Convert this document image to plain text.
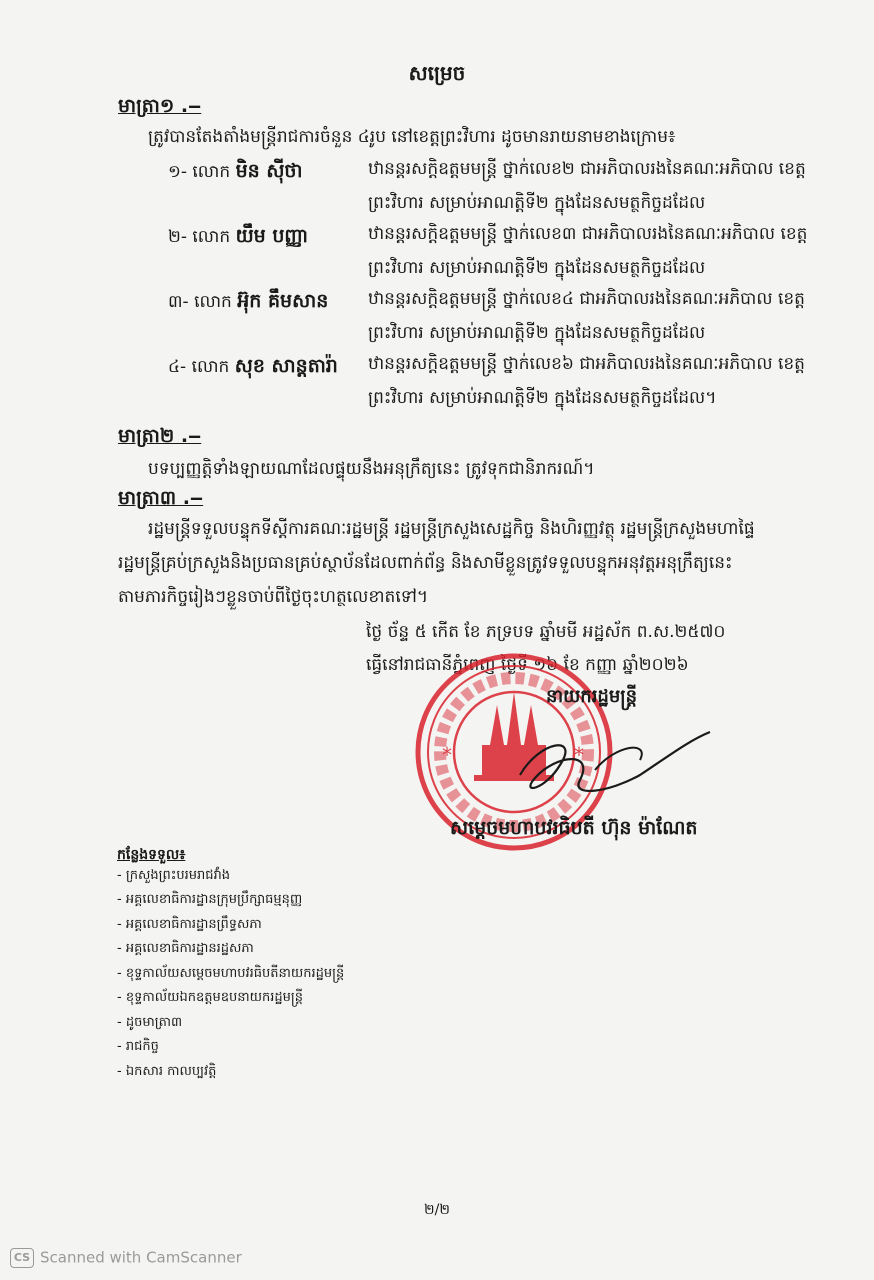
សម្រេច
មាត្រា១ .‒
ត្រូវបានតែងតាំងមន្ត្រីរាជការចំនួន ៤រូប នៅខេត្តព្រះវិហារ ដូចមានរាយនាមខាងក្រោម៖
១- លោក មិន ស៊ីថា	ឋានន្តរសក្តិឧត្តមមន្ត្រី ថ្នាក់លេខ២ ជាអភិបាលរងនៃគណៈអភិបាល ខេត្តព្រះវិហារ សម្រាប់អាណត្តិទី២ ក្នុងដែនសមត្ថកិច្ចដដែល
២- លោក យឹម បញ្ញា	ឋានន្តរសក្តិឧត្តមមន្ត្រី ថ្នាក់លេខ៣ ជាអភិបាលរងនៃគណៈអភិបាល ខេត្តព្រះវិហារ សម្រាប់អាណត្តិទី២ ក្នុងដែនសមត្ថកិច្ចដដែល
៣- លោក អ៊ុក គឹមសាន ឋានន្តរសក្តិឧត្តមមន្ត្រី ថ្នាក់លេខ៤ ជាអភិបាលរងនៃគណៈអភិបាល ខេត្តព្រះវិហារ សម្រាប់អាណត្តិទី២ ក្នុងដែនសមត្ថកិច្ចដដែល
៤- លោក សុខ សាន្តតារ៉ា ឋានន្តរសក្តិឧត្តមមន្ត្រី ថ្នាក់លេខ៦ ជាអភិបាលរងនៃគណៈអភិបាល ខេត្តព្រះវិហារ សម្រាប់អាណត្តិទី២ ក្នុងដែនសមត្ថកិច្ចដដែល។
មាត្រា២ .‒
បទប្បញ្ញត្តិទាំងឡាយណាដែលផ្ទុយនឹងអនុក្រឹត្យនេះ ត្រូវទុកជានិរាករណ៍។
មាត្រា៣ .‒
រដ្ឋមន្ត្រីទទួលបន្ទុកទីស្តីការគណៈរដ្ឋមន្ត្រី រដ្ឋមន្ត្រីក្រសួងសេដ្ឋកិច្ច និងហិរញ្ញវត្ថុ រដ្ឋមន្ត្រីក្រសួងមហាផ្ទៃ
រដ្ឋមន្ត្រីគ្រប់ក្រសួងនិងប្រធានគ្រប់ស្ថាប័នដែលពាក់ព័ន្ធ និងសាមីខ្លួនត្រូវទទួលបន្ទុកអនុវត្តអនុក្រឹត្យនេះ
តាមភារកិច្ចរៀងៗខ្លួនចាប់ពីថ្ងៃចុះហត្ថលេខាតទៅ។
ថ្ងៃ ច័ន្ទ ៥ កើត ខែ ភទ្របទ ឆ្នាំមមី អដ្ឋស័ក ព.ស.២៥៧០
ធ្វើនៅរាជធានីភ្នំពេញ ថ្ងៃទី ១៦ ខែ កញ្ញា ឆ្នាំ២០២៦
*	*
នាយករដ្ឋមន្ត្រី
សម្តេចមហាបវរធិបតី ហ៊ុន ម៉ាណែត
កន្លែងទទួល៖
- ក្រសួងព្រះបរមរាជវាំង
- អគ្គលេខាធិការដ្ឋានក្រុមប្រឹក្សាធម្មនុញ្ញ
- អគ្គលេខាធិការដ្ឋានព្រឹទ្ធសភា
- អគ្គលេខាធិការដ្ឋានរដ្ឋសភា
- ខុទ្ទកាល័យសម្តេចមហាបវរធិបតីនាយករដ្ឋមន្ត្រី
- ខុទ្ទកាល័យឯកឧត្តមឧបនាយករដ្ឋមន្ត្រី
- ដូចមាត្រា៣
- រាជកិច្ច
- ឯកសារ កាលប្បវត្តិ
២/២
CS Scanned with CamScanner
